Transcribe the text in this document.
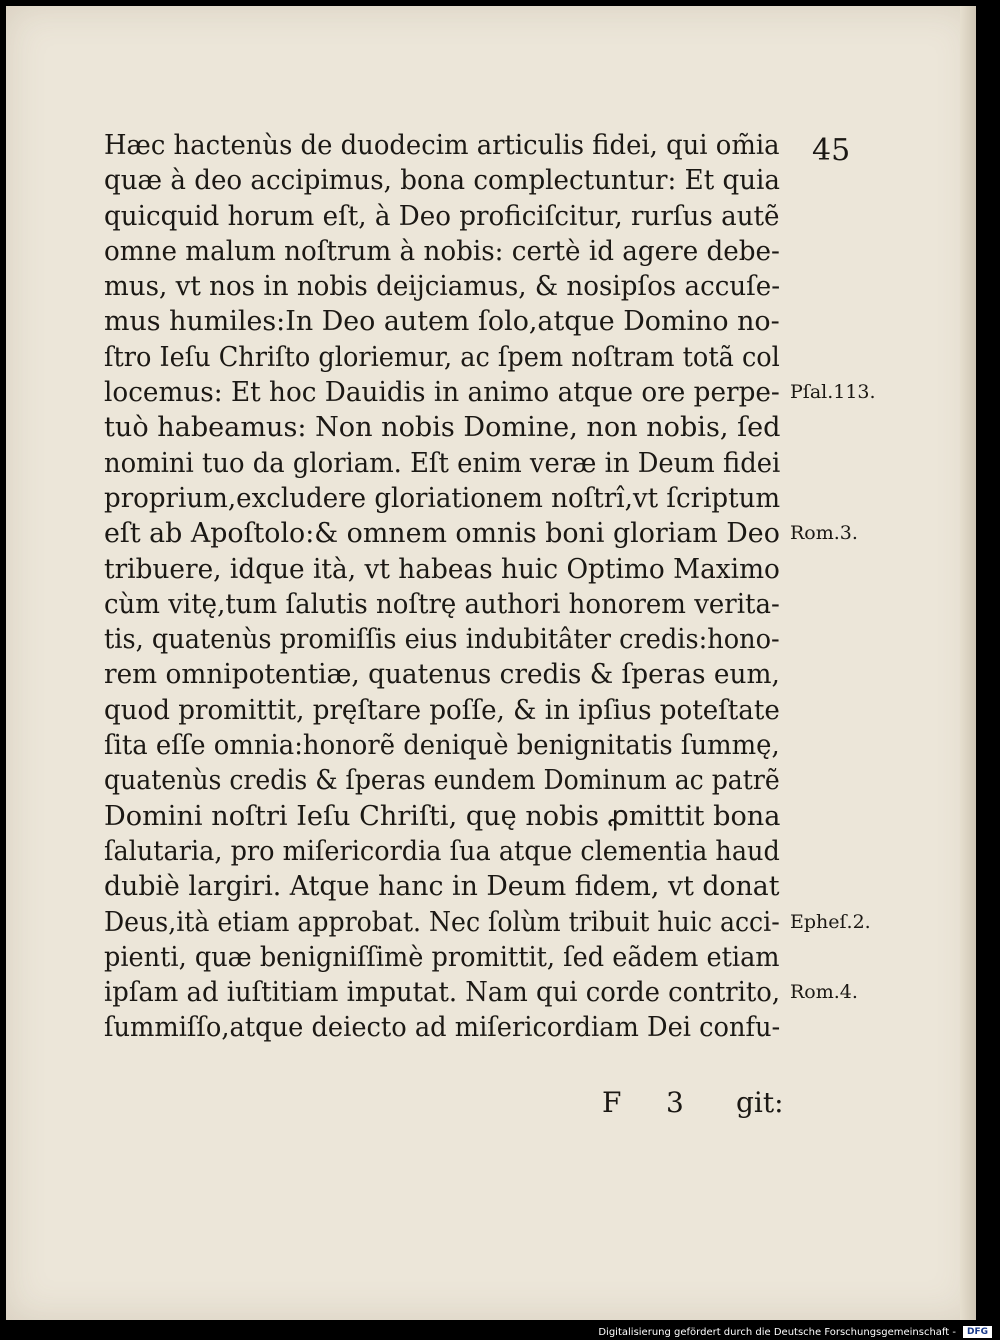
45
Hæc hactenùs de duodecim articulis fidei, qui om̃ia
quæ à deo accipimus, bona complectuntur: Et quia
quicquid horum eſt, à Deo proficiſcitur, rurſus autẽ
omne malum noſtrum à nobis: certè id agere debe-
mus, vt nos in nobis deijciamus, & nosipſos accuſe-
mus humiles:In Deo autem ſolo,atque Domino no-
ſtro Ieſu Chriſto gloriemur, ac ſpem noſtram totã col
locemus: Et hoc Dauidis in animo atque ore perpe-
tuò habeamus: Non nobis Domine, non nobis, ſed
nomini tuo da gloriam. Eſt enim veræ in Deum fidei
proprium,excludere gloriationem noſtrî,vt ſcriptum
eſt ab Apoſtolo:& omnem omnis boni gloriam Deo
tribuere, idque ità, vt habeas huic Optimo Maximo
cùm vitę,tum ſalutis noſtrę authori honorem verita-
tis, quatenùs promiſſis eius indubitâter credis:hono-
rem omnipotentiæ, quatenus credis & ſperas eum,
quod promittit, pręſtare poſſe, & in ipſius poteſtate
ſita eſſe omnia:honorẽ deniquè benignitatis ſummę,
quatenùs credis & ſperas eundem Dominum ac patrẽ
Domini noſtri Ieſu Chriſti, quę nobis ꝓmittit bona
ſalutaria, pro miſericordia ſua atque clementia haud
dubiè largiri. Atque hanc in Deum fidem, vt donat
Deus,ità etiam approbat. Nec ſolùm tribuit huic acci-
pienti, quæ benigniſſimè promittit, ſed eãdem etiam
ipſam ad iuſtitiam imputat. Nam qui corde contrito,
ſummiſſo,atque deiecto ad miſericordiam Dei confu-
Pſal.113.
Rom.3.
Epheſ.2.
Rom.4.
F 3 git:
Digitalisierung gefördert durch die Deutsche Forschungsgemeinschaft -	DFG
